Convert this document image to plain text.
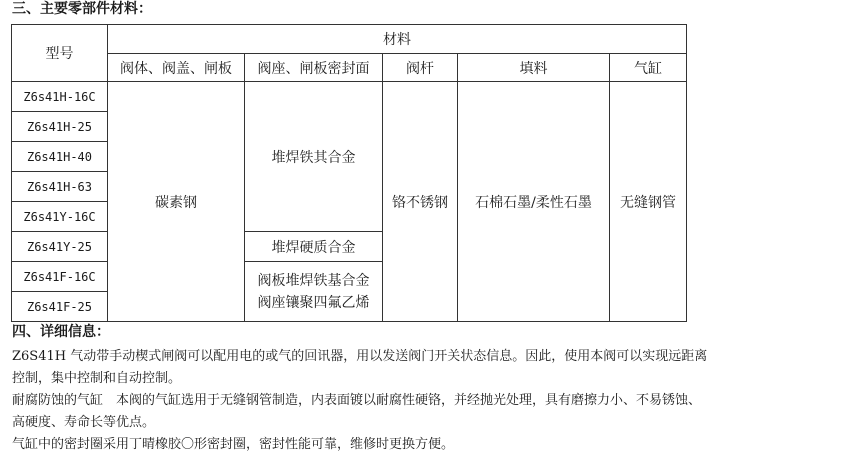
三、主要零部件材料：
型号	材料				
	阀体、阀盖、闸板	阀座、闸板密封面	阀杆	填料	气缸
Z6s41H-16C	碳素钢	堆焊铁其合金	铬不锈钢	石棉石墨/柔性石墨	无缝钢管
Z6s41H-25					
Z6s41H-40					
Z6s41H-63					
Z6s41Y-16C					
Z6s41Y-25		堆焊硬质合金			
Z6s41F-16C		阀板堆焊铁基合金
阀座镶聚四氟乙烯			

Z6s41F-25					
四、详细信息：
Z6S41H 气动带手动楔式闸阀可以配用电的或气的回讯器，用以发送阀门开关状态信息。因此，使用本阀可以实现远距离
控制，集中控制和自动控制。
耐腐防蚀的气缸　本阀的气缸选用于无缝钢管制造，内表面镀以耐腐性硬铬，并经抛光处理，具有磨擦力小、不易锈蚀、
高硬度、寿命长等优点。
气缸中的密封圈采用丁晴橡胶〇形密封圈，密封性能可靠，维修时更换方便。
